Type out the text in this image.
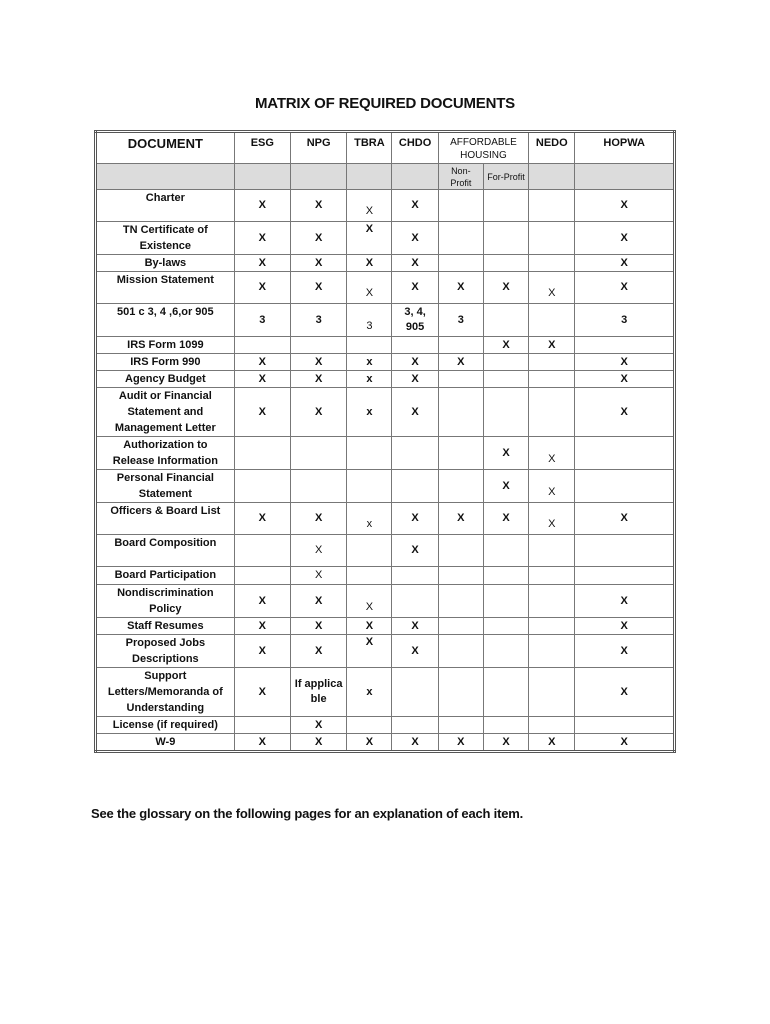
MATRIX OF REQUIRED DOCUMENTS
DOCUMENT	ESG	NPG	TBRA	CHDO	AFFORDABLE HOUSING		NEDO	HOPWA
					Non-Profit	For-Profit		
Charter	X	X	X	X				X
TN Certificate of Existence	X	X	X	X				X
By-laws	X	X	X	X				X
Mission Statement	X	X	X	X	X	X	X	X
501 c 3, 4 ,6,or 905	3	3	3	3, 4, 905	3			3
IRS Form 1099						X	X	
IRS Form 990	X	X	x	X	X			X
Agency Budget	X	X	x	X				X
Audit or Financial Statement and Management Letter	X	X	x	X				X
Authorization to Release Information						X	X	
Personal Financial Statement						X	X	
Officers & Board List	X	X	x	X	X	X	X	X
Board Composition		X		X				
Board Participation		X						
Nondiscrimination Policy	X	X	X					X
Staff Resumes	X	X	X	X				X
Proposed Jobs Descriptions	X	X	X	X				X
Support Letters/Memoranda of Understanding	X	If applica ble	x					X
License (if required)		X						
W-9	X	X	X	X	X	X	X	X
See the glossary on the following pages for an explanation of each item.
